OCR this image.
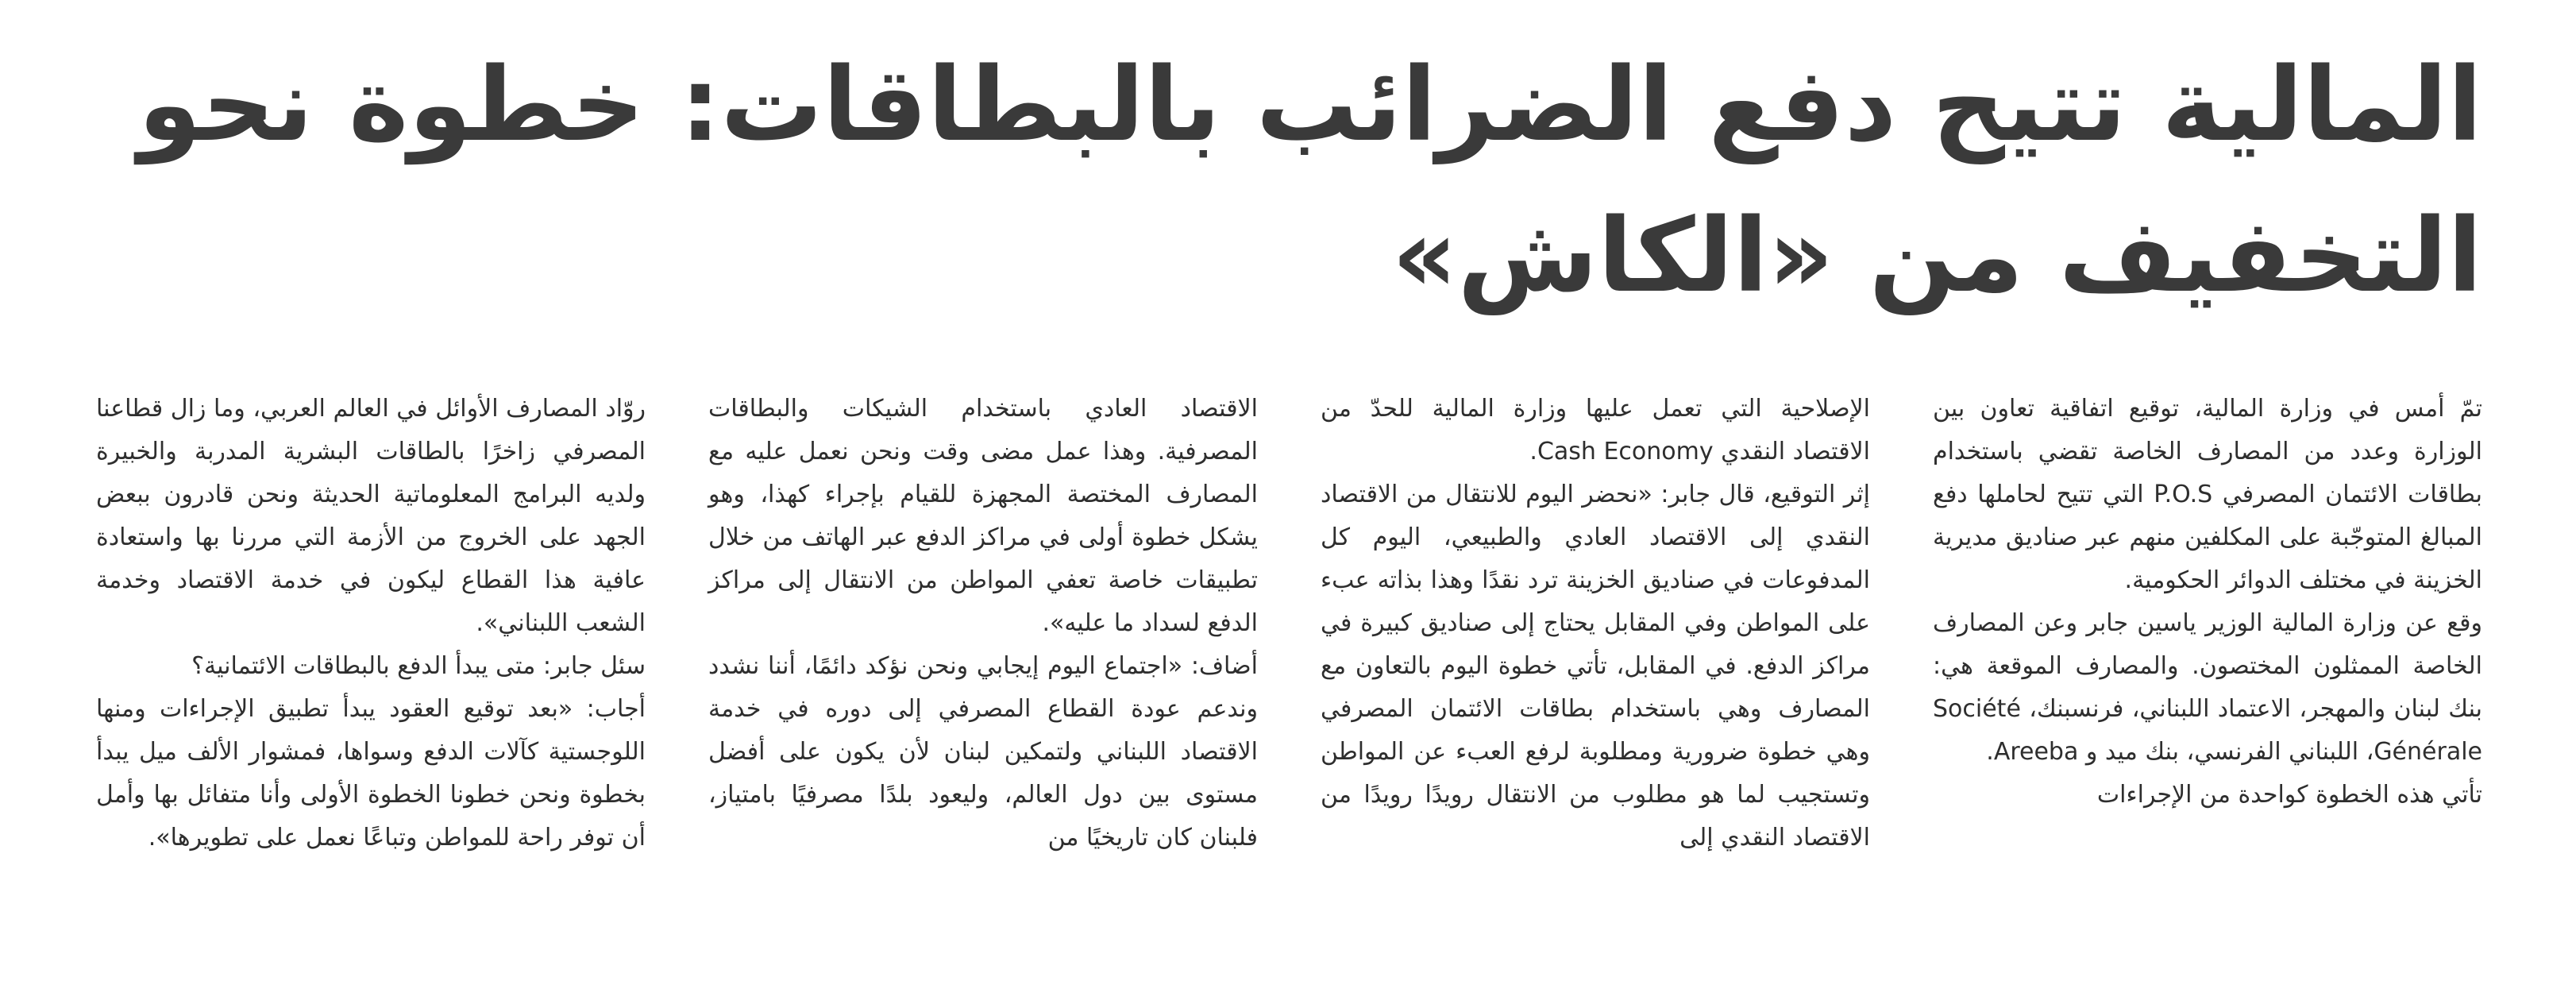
المالية تتيح دفع الضرائب بالبطاقات: خطوة نحو
التخفيف من «الكاش»

تمّ أمس في وزارة المالية، توقيع اتفاقية تعاون بين الوزارة وعدد من المصارف الخاصة تقضي باستخدام بطاقات الائتمان المصرفي P.O.S التي تتيح لحاملها دفع المبالغ المتوجّبة على المكلفين منهم عبر صناديق مديرية الخزينة في مختلف الدوائر الحكومية.

وقع عن وزارة المالية الوزير ياسين جابر وعن المصارف الخاصة الممثلون المختصون. والمصارف الموقعة هي: بنك لبنان والمهجر، الاعتماد اللبناني، فرنسبنك، Société Générale، اللبناني الفرنسي، بنك ميد و Areeba.

تأتي هذه الخطوة كواحدة من الإجراءات

الإصلاحية التي تعمل عليها وزارة المالية للحدّ من الاقتصاد النقدي Cash Economy.

إثر التوقيع، قال جابر: «نحضر اليوم للانتقال من الاقتصاد النقدي إلى الاقتصاد العادي والطبيعي، اليوم كل المدفوعات في صناديق الخزينة ترد نقدًا وهذا بذاته عبء على المواطن وفي المقابل يحتاج إلى صناديق كبيرة في مراكز الدفع. في المقابل، تأتي خطوة اليوم بالتعاون مع المصارف وهي باستخدام بطاقات الائتمان المصرفي وهي خطوة ضرورية ومطلوبة لرفع العبء عن المواطن وتستجيب لما هو مطلوب من الانتقال رويدًا رويدًا من الاقتصاد النقدي إلى

الاقتصاد العادي باستخدام الشيكات والبطاقات المصرفية. وهذا عمل مضى وقت ونحن نعمل عليه مع المصارف المختصة المجهزة للقيام بإجراء كهذا، وهو يشكل خطوة أولى في مراكز الدفع عبر الهاتف من خلال تطبيقات خاصة تعفي المواطن من الانتقال إلى مراكز الدفع لسداد ما عليه».

أضاف: «اجتماع اليوم إيجابي ونحن نؤكد دائمًا، أننا نشدد وندعم عودة القطاع المصرفي إلى دوره في خدمة الاقتصاد اللبناني ولتمكين لبنان لأن يكون على أفضل مستوى بين دول العالم، وليعود بلدًا مصرفيًا بامتياز، فلبنان كان تاريخيًا من

روّاد المصارف الأوائل في العالم العربي، وما زال قطاعنا المصرفي زاخرًا بالطاقات البشرية المدربة والخبيرة ولديه البرامج المعلوماتية الحديثة ونحن قادرون ببعض الجهد على الخروج من الأزمة التي مررنا بها واستعادة عافية هذا القطاع ليكون في خدمة الاقتصاد وخدمة الشعب اللبناني».

سئل جابر: متى يبدأ الدفع بالبطاقات الائتمانية؟

أجاب: «بعد توقيع العقود يبدأ تطبيق الإجراءات ومنها اللوجستية كآلات الدفع وسواها، فمشوار الألف ميل يبدأ بخطوة ونحن خطونا الخطوة الأولى وأنا متفائل بها وأمل أن توفر راحة للمواطن وتباعًا نعمل على تطويرها».
